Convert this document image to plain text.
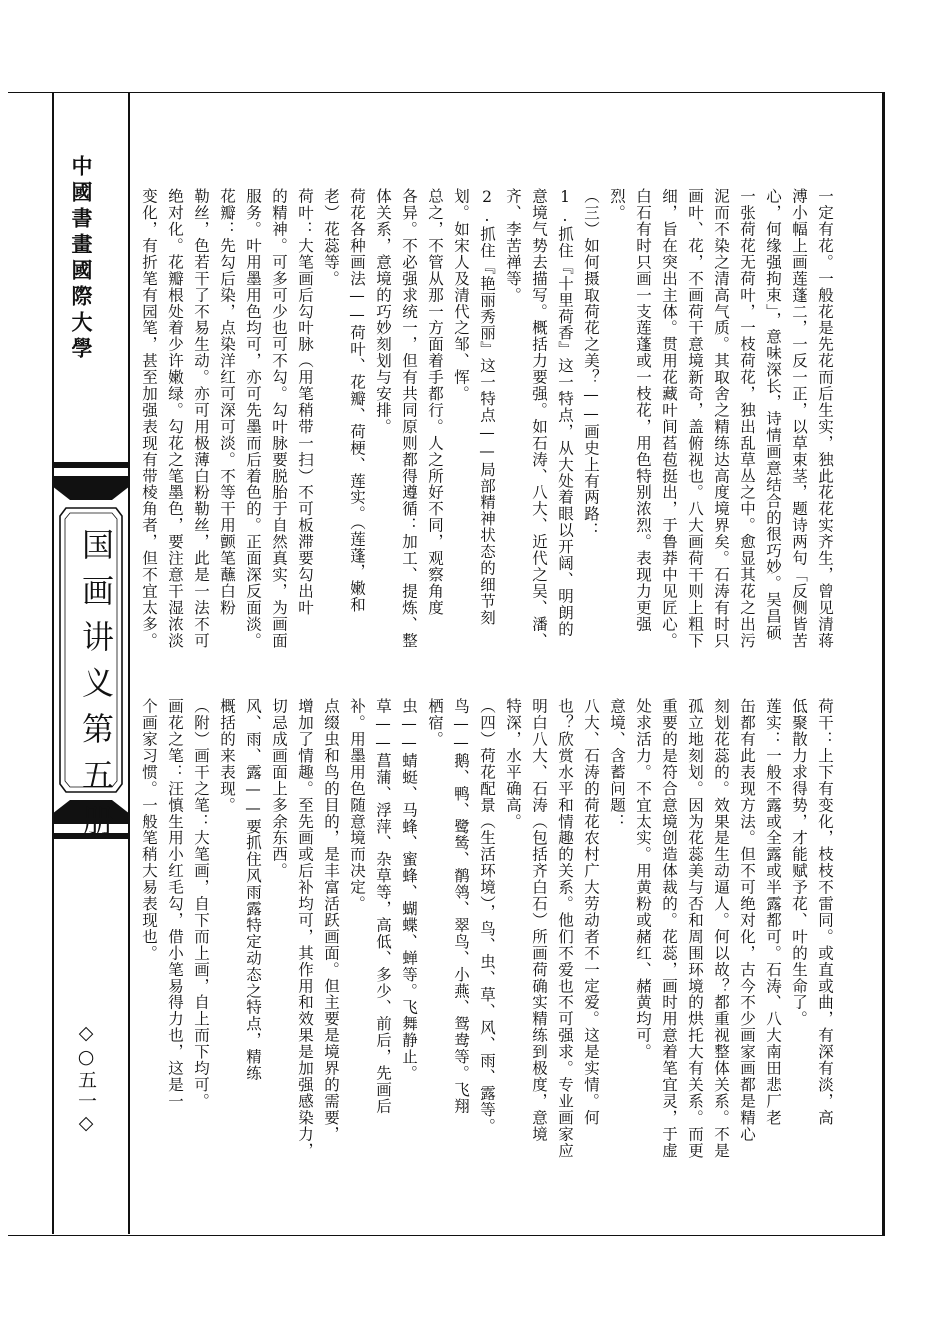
中國書畫國際大學
国画讲义第五册
◇○五一◇
一定有花。一般花是先花而后生实，独此花花实齐生，曾见清蒋
溥小幅上画莲蓬二，一反一正，以草束茎，题诗两句「反侧皆苦
心，何缘强拘束」，意味深长，诗情画意结合的很巧妙。吴昌硕
一张荷花无荷叶，一枝荷花，独出乱草丛之中。愈显其花之出污
泥而不染之清高气质。其取舍之精练达高度境界矣。石涛有时只
画叶、花，不画荷干意境新奇，盖俯视也。八大画荷干则上粗下
细，旨在突出主体。贯用花藏叶间萏苞挺出，于鲁莽中见匠心。
白石有时只画一支莲蓬或一枝花，用色特别浓烈。表现力更强
烈。
（三）如何摄取荷花之美？——画史上有两路：
1.抓住『十里荷香』这一特点，从大处着眼以开阔、明朗的
意境气势去描写。概括力要强。如石涛、八大、近代之吴、潘、
齐、李苦禅等。
2.抓住『艳丽秀丽』这一特点——局部精神状态的细节刻
划。如宋人及清代之邹、恽。
总之，不管从那一方面着手都行。人之所好不同，观察角度
各异。不必强求统一，但有共同原则都得遵循：加工、提炼、整
体关系，意境的巧妙刻划与安排。
荷花各种画法——荷叶、花瓣、荷梗、莲实。（莲蓬，嫩和
老）花蕊等。
荷叶：大笔画后勾叶脉（用笔稍带一扫）不可板滞要勾出叶
的精神。可多可少也可不勾。勾叶脉要脱胎于自然真实，为画面
服务。叶用墨用色均可，亦可先墨而后着色的。正面深反面淡。
花瓣：先勾后染，点染洋红可深可淡。不等干用颤笔蘸白粉
勒丝，色若干了不易生动。亦可用极薄白粉勒丝，此是一法不可
绝对化。花瓣根处着少许嫩绿。勾花之笔墨色，要注意干湿浓淡
变化，有折笔有园笔，甚至加强表现有带棱角者，但不宜太多。
荷干：上下有变化，枝枝不雷同。或直或曲，有深有淡，高
低聚散力求得势，才能赋予花、叶的生命了。
莲实：一般不露或全露或半露都可。石涛、八大南田悲厂老
缶都有此表现方法。但不可绝对化，古今不少画家画都是精心
刻划花蕊的。效果是生动逼人。何以故？都重视整体关系。不是
孤立地刻划。因为花蕊美与否和周围环境的烘托大有关系。而更
重要的是符合意境创造体裁的。花蕊，画时用意着笔宜灵，于虚
处求活力。不宜太实。用黄粉或赭红、赭黄均可。
意境、含蓄问题：
八大、石涛的荷花农村广大劳动者不一定爱。这是实情。何
也？欣赏水平和情趣的关系。他们不爱也不可强求。专业画家应
明白八大、石涛（包括齐白石）所画荷确实精练到极度，意境
特深，水平确高。
（四）荷花配景（生活环境），鸟、虫、草、风、雨、露等。
鸟——鹅、鸭、鹭鸶、鹡鸰、翠鸟、小燕、鸳鸯等。飞翔
栖宿。
虫——蜻蜓、马蜂、蜜蜂、蝴蝶、蝉等。飞舞静止。
草——菖蒲、浮萍、杂草等，高低、多少、前后，先画后
补。用墨用色随意境而决定。
点缀虫和鸟的目的，是丰富活跃画面。但主要是境界的需要，
增加了情趣。至先画或后补均可，其作用和效果是加强感染力，
切忌成画面上多余东西。
风、雨、露——要抓住风雨露特定动态之特点，精练
概括的来表现。
（附）画干之笔：大笔画，自下而上画，自上而下均可。
画花之笔：汪慎生用小红毛勾，借小笔易得力也，这是一
个画家习惯。一般笔稍大易表现也。
